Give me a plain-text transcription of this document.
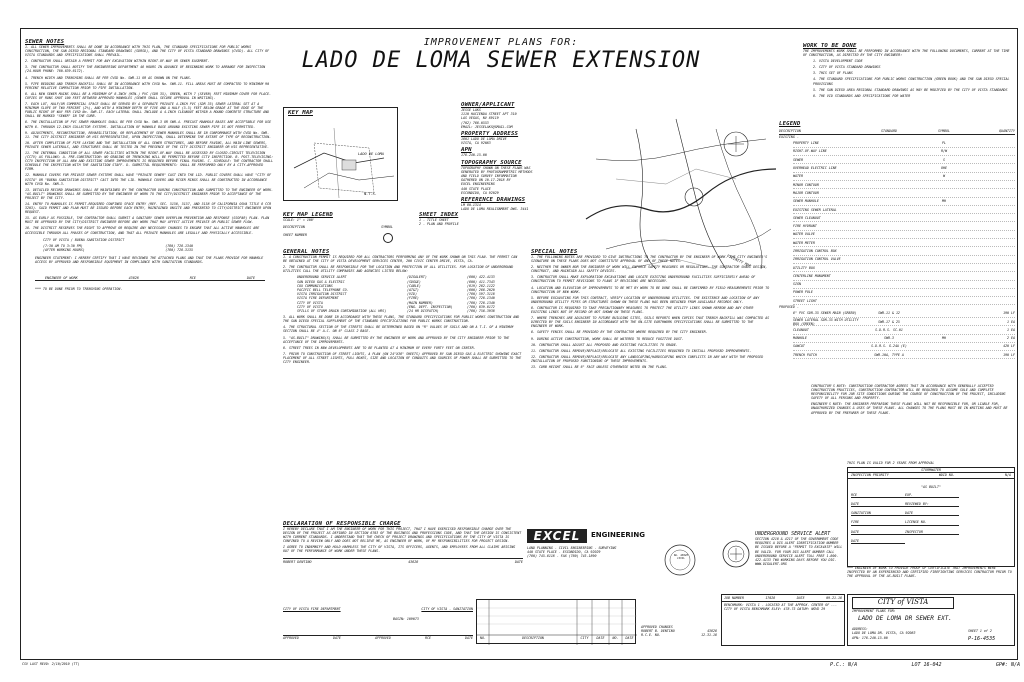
IMPROVEMENT PLANS FOR:
LADO DE LOMA SEWER EXTENSION
SEWER NOTES
1. ALL SEWER IMPROVEMENTS SHALL BE DONE IN ACCORDANCE WITH THIS PLAN, THE STANDARD SPECIFICATIONS FOR PUBLIC WORKS CONSTRUCTION, THE SAN DIEGO REGIONAL STANDARD DRAWINGS (SDRSD), AND THE CITY OF VISTA STANDARD DRAWINGS (CVSD). ALL CITY OF VISTA STANDARDS AND SPECIFICATIONS SHALL PREVAIL.
2. CONTRACTOR SHALL OBTAIN A PERMIT FOR ANY EXCAVATION WITHIN RIGHT-OF-WAY OR SEWER EASEMENT.
3. THE CONTRACTOR SHALL NOTIFY THE ENGINEERING DEPARTMENT 48 HOURS IN ADVANCE OF BEGINNING WORK TO ARRANGE FOR INSPECTION (24-HOUR PHONE: 760-639-6172).
4. TRENCH WIDTH AND TRENCHING SHALL BE PER CVSD No. SWR-11 OR AS SHOWN ON THE PLANS.
5. PIPE BEDDING AND TRENCH BACKFILL SHALL BE IN ACCORDANCE WITH CVSD No. SWR-11. FILL AREAS MUST BE COMPACTED TO MINIMUM 90 PERCENT RELATIVE COMPACTION PRIOR TO PIPE INSTALLATION.
6. ALL NEW SEWER MAINS SHALL BE A MINIMUM OF 8-INCH (MIN.) PVC (SDR 35), GREEN, WITH 7 (SEVEN) FEET MINIMUM COVER FOR PLACE. COPIES OF RUNS SHOT 100 FEET BETWEEN APPROVED MANHOLES (SEWER SHALL SECURE APPROVAL IN WRITING).
7. EACH LOT, HALF/OR COMMERCIAL SPACE SHALL BE SERVED BY A SEPARATE PRIVATE 4-INCH PVC (SDR 35) SEWER LATERAL SET AT A MINIMUM SLOPE OF TWO PERCENT (2%), AND WITH A MINIMUM DEPTH OF FIVE AND A HALF (5.5) FEET BELOW GRADE AT THE EDGE OF THE PUBLIC RIGHT OF WAY PER CVSD No. SWR-17. EACH LATERAL SHALL INCLUDE A 4-INCH CLEANOUT WITHIN A ROUND CONCRETE STRUCTURE AND SHALL BE MARKED "SEWER" IN THE CURB.
8. THE INSTALLATION OF PVC SEWER MANHOLES SHALL BE PER CVSD No. SWR-3 OR SWR-4. PRECAST MANHOLE BASES ARE ACCEPTABLE FOR USE WITH 8- THROUGH 12-INCH COLLECTOR SYSTEMS. INSTALLATION OF MANHOLE BASE AROUND EXISTING SEWER PIPE IS NOT PERMITTED.
9. ADJUSTMENTS, RECONSTRUCTION, REHABILITATION, OR REPLACEMENT OF SEWER MANHOLES SHALL BE IN CONFORMANCE WITH CVSD No. SWR-11. THE CITY DISTRICT ENGINEER OR HIS REPRESENTATIVE, UPON INSPECTION, SHALL DETERMINE THE EXTENT OF TYPE OF RECONSTRUCTION.
10. AFTER COMPLETION OF PIPE LAYING AND THE INSTALLATION OF ALL SEWER STRUCTURES, AND BEFORE PAVING, ALL MAIN LINE SEWERS, PRIVATE SEWER LATERALS, AND STRUCTURES SHALL BE TESTED IN THE PRESENCE OF THE CITY DISTRICT ENGINEER OR HIS REPRESENTATIVE.
11. THE INTERNAL CONDITION OF ALL SEWER FACILITIES WITHIN THE RIGHT-OF-WAY SHALL BE ASSESSED BY CLOSED-CIRCUIT TELEVISION (CCTV) AS FOLLOWS: A. PRE-CONSTRUCTION: NO GRADING OR TRENCHING WILL BE PERMITTED BEFORE CCTV INSPECTION. B. POST-TELEVISING: CCTV INSPECTION OF ALL NEW AND EXISTING SEWER IMPROVEMENTS IS REQUIRED BEFORE FINAL PAVING. C. SCHEDULE: THE CONTRACTOR SHALL SCHEDULE THE INSPECTION WITH THE SANITATION STAFF. D. SUBMITTAL REQUIREMENTS: SHALL BE PERFORMED ONLY BY A CITY-APPROVED FIRM.
12. MANHOLE COVERS FOR PRIVATE SEWER SYSTEMS SHALL HAVE "PRIVATE SEWER" CAST INTO THE LID. PUBLIC COVERS SHALL HAVE "CITY OF VISTA" OR "BUENA SANITATION DISTRICT" CAST INTO THE LID. MANHOLE COVERS AND RISER RINGS SHALL BE CONSTRUCTED IN ACCORDANCE WITH CVSD No. SWR-3.
13. DETAILED RECORD DRAWINGS SHALL BE MAINTAINED BY THE CONTRACTOR DURING CONSTRUCTION AND SUBMITTED TO THE ENGINEER OF WORK. "AS-BUILT" DRAWINGS SHALL BE SUBMITTED BY THE ENGINEER OF WORK TO THE CITY/DISTRICT ENGINEER PRIOR TO ACCEPTANCE OF THE PROJECT BY THE CITY.
14. ENTRY TO MANHOLES IS PERMIT-REQUIRED CONFINED SPACE ENTRY (REF. SEC. 5156, 5157, AND 5158 OF CALIFORNIA OSHA TITLE 8 CCR 3203). SAID PERMIT AND PLAN MUST BE ISSUED BEFORE EACH ENTRY, MAINTAINED ONSITE AND PRESENTED TO CITY/DISTRICT ENGINEER UPON REQUEST.
15. AS EARLY AS POSSIBLE, THE CONTRACTOR SHALL SUBMIT A SANITARY SEWER OVERFLOW PREVENTION AND RESPONSE (SSOPAR) PLAN. PLAN MUST BE APPROVED BY THE CITY/DISTRICT ENGINEER BEFORE ANY WORK THAT MAY AFFECT ACTIVE PRIVATE OR PUBLIC SEWER FLOW.
16. THE DISTRICT RESERVES THE RIGHT TO APPROVE OR REQUIRE ANY NECESSARY CHANGES TO ENSURE THAT ALL ACTIVE MANHOLES ARE ACCESSIBLE THROUGH ALL PHASES OF CONSTRUCTION, AND THAT ALL PRIVATE MANHOLES ARE LEGALLY AND PHYSICALLY ACCESSIBLE.
CITY OF VISTA / BUENA SANITATION DISTRICT
(7:30 AM TO 3:30 PM)	(760) 726-1340
(AFTER WORKING HOURS)	(760) 726-3135
ENGINEER STATEMENT: I HEREBY CERTIFY THAT I HAVE REVIEWED THE ATTACHED PLANS AND THAT THE PLANS PROVIDE FOR MANHOLE ACCESS BY APPROVED AND RESPONSIBLE EQUIPMENT IN COMPLIANCE WITH SANITATION STANDARDS.
ENGINEER OF WORK	43628	RCE	DATE
*** TO BE DONE PRIOR TO TRENCHING OPERATION.
KEY MAP
LADO DE LOMA
N.T.S.
KEY MAP LEGEND
SCALE: 1" = 100'
DESCRIPTION	SYMBOL
SHEET NUMBER
SHEET INDEX
1 - TITLE SHEET
2 - PLAN AND PROFILE
OWNER/APPLICANT
JESSE LAKS
1110 HACIENDA STREET APT 310
LAS VEGAS, NV 89119
(702) 788-0553
EMAIL: JESSELAKS@GMAIL.COM
PROPERTY ADDRESS
1601 LADO DE LOMA DRIVE
VISTA, CA 92083
APN
178-240-15-00
TOPOGRAPHY SOURCE
TOPOGRAPHY SHOWN ON THESE PLANS WAS
GENERATED BY PHOTOGRAMMETRIC METHODS
AND FIELD SURVEY INFORMATION
GATHERED ON 10-17-2018 BY
EXCEL ENGINEERING
440 STATE PLACE
ESCONDIDO, CA 92029
REFERENCE DRAWINGS
LM 60-1314
LADO DE LOMA REALIGNMENT DWG. 3441
VICINITY MAP
WORK TO BE DONE
THE IMPROVEMENTS WORK SHALL BE PERFORMED IN ACCORDANCE WITH THE FOLLOWING DOCUMENTS, CURRENT AT THE TIME OF CONSTRUCTION, AS DIRECTED BY THE CITY ENGINEER:
1. VISTA DEVELOPMENT CODE
2. CITY OF VISTA STANDARD DRAWINGS
3. THIS SET OF PLANS
4. THE STANDARD SPECIFICATIONS FOR PUBLIC WORKS CONSTRUCTION (GREEN BOOK) AND THE SAN DIEGO SPECIAL PROVISIONS
5. THE SAN DIEGO AREA REGIONAL STANDARD DRAWINGS AS MAY BE MODIFIED BY THE CITY OF VISTA STANDARDS
6. THE VID STANDARDS AND SPECIFICATIONS FOR WATER
LEGEND
DESCRIPTION	STANDARD	SYMBOL	QUANTITY
EXISTING -
PROPERTY LINE	PL
RIGHT-OF-WAY LINE	R/W
SEWER	S
OVERHEAD ELECTRIC LINE	OHE
WATER	W
MINOR CONTOUR
MAJOR CONTOUR
SEWER MANHOLE	MH
EXISTING SEWER LATERAL
SEWER CLEANOUT
FIRE HYDRANT
WATER VALVE
WATER METER
IRRIGATION CONTROL BOX
IRRIGATION CONTROL VALVE
UTILITY BOX
CENTERLINE MONUMENT
SIGN
POWER POLE
STREET LIGHT
PROPOSED -
8" PVC SDR-35 SEWER MAIN (GREEN)	SWR-11 & 12	190 LF
SEWER LATERAL SDR-35 WITH UTILITY BOX (GREEN)
SWR-17 & 25	1 EA
CLEANOUT	S.D.R.S. SC-01	1 EA
MANHOLE	SWR-3	MH	2 EA
SAWCUT	S.D.R.S. G-24A (E)	420 LF
TRENCH PATCH	SWR-10A, TYPE A	190 LF
CONTRACTOR'S NOTE: CONSTRUCTION CONTRACTOR AGREES THAT IN ACCORDANCE WITH GENERALLY ACCEPTED CONSTRUCTION PRACTICES, CONSTRUCTION CONTRACTOR WILL BE REQUIRED TO ASSUME SOLE AND COMPLETE RESPONSIBILITY FOR JOB SITE CONDITIONS DURING THE COURSE OF CONSTRUCTION OF THE PROJECT, INCLUDING SAFETY OF ALL PERSONS AND PROPERTY.
ENGINEER'S NOTE: THE ENGINEER PREPARING THESE PLANS WILL NOT BE RESPONSIBLE FOR, OR LIABLE FOR, UNAUTHORIZED CHANGES & USES OF THESE PLANS. ALL CHANGES TO THE PLANS MUST BE IN WRITING AND MUST BE APPROVED BY THE PREPARER OF THESE PLANS.
GENERAL NOTES
1. A CONSTRUCTION PERMIT IS REQUIRED FOR ALL CONTRACTORS PERFORMING ANY OF THE WORK SHOWN ON THIS PLAN. THE PERMIT CAN BE OBTAINED AT THE CITY OF VISTA DEVELOPMENT SERVICES CENTER, 200 CIVIC CENTER DRIVE, VISTA, CA.
2. THE CONTRACTOR SHALL BE RESPONSIBLE FOR THE LOCATION AND PROTECTION OF ALL UTILITIES. FOR LOCATION OF UNDERGROUND UTILITIES CALL THE UTILITY COMPANIES AND AGENCIES LISTED BELOW:
UNDERGROUND SERVICE ALERT	(DIGALERT)	(800) 422-4133
SAN DIEGO GAS & ELECTRIC	(SDG&E)	(800) 411-7343
COX COMMUNICATIONS	(CABLE)	(619) 262-1122
PACIFIC BELL TELEPHONE CO.	(AT&T)	(800) 288-2020
VISTA IRRIGATION DISTRICT	(VID)	(760) 597-3116
VISTA FIRE DEPARTMENT	(FIRE)	(760) 726-1340
CITY OF VISTA	(MAIN NUMBER)	(760) 726-1340
CITY OF VISTA	(ENG. DEPT. INSPECTION)	(760) 639-6172
SPILLS OF STORM DRAIN CONTAMINATION (ALL HRS)	(24 HR DISPATCH)	(760) 758-3936
3. ALL WORK SHALL BE DONE IN ACCORDANCE WITH THESE PLANS, THE STANDARD SPECIFICATIONS FOR PUBLIC WORKS CONSTRUCTION AND THE SAN DIEGO SPECIAL SUPPLEMENT OF THE STANDARD SPECIFICATIONS FOR PUBLIC WORKS CONSTRUCTION.
4. THE STRUCTURAL SECTION OF THE STREETS SHALL BE DETERMINED BASED ON "R" VALUES OF SOILS AND ON A T.I. OF A MINIMUM SECTION SHALL BE 4" A.C. ON 6" CLASS 2 BASE.
5. "AS-BUILT" DRAWING(S) SHALL BE SUBMITTED BY THE ENGINEER OF WORK AND APPROVED BY THE CITY ENGINEER PRIOR TO THE ACCEPTANCE OF THE IMPROVEMENTS.
6. STREET TREES IN NEW DEVELOPMENTS ARE TO BE PLANTED AT A MINIMUM OF EVERY FORTY FEET ON CENTER.
7. PRIOR TO CONSTRUCTION OF STREET LIGHTS, A PLAN (ON 24"X36" SHEETS) APPROVED BY SAN DIEGO GAS & ELECTRIC SHOWING EXACT PLACEMENT OF ALL STREET LIGHTS, PULL BOXES, SIZE AND LOCATION OF CONDUITS AND SOURCES OF POWER SHALL BE SUBMITTED TO THE CITY ENGINEER.
SPECIAL NOTES
1. THE FOLLOWING NOTES ARE PROVIDED TO GIVE INSTRUCTIONS TO THE CONTRACTOR BY THE ENGINEER OF WORK. THE CITY ENGINEER'S SIGNATURE ON THESE PLANS DOES NOT CONSTITUTE APPROVAL OF ANY OF THESE NOTES.
2. NEITHER THE OWNER NOR THE ENGINEER OF WORK WILL ENFORCE SAFETY MEASURES OR REGULATIONS. THE CONTRACTOR SHALL DESIGN, CONSTRUCT, AND MAINTAIN ALL SAFETY DEVICES.
3. CONTRACTOR SHALL MAKE EXPLORATION EXCAVATIONS AND LOCATE EXISTING UNDERGROUND FACILITIES SUFFICIENTLY AHEAD OF CONSTRUCTION TO PERMIT REVISIONS TO PLANS IF REVISIONS ARE NECESSARY.
4. LOCATION AND ELEVATION OF IMPROVEMENTS TO BE MET BY WORK TO BE DONE SHALL BE CONFIRMED BY FIELD MEASUREMENTS PRIOR TO CONSTRUCTION OF NEW WORK.
5. BEFORE EXCAVATING FOR THIS CONTRACT, VERIFY LOCATION OF UNDERGROUND UTILITIES. THE EXISTENCE AND LOCATION OF ANY UNDERGROUND UTILITY PIPES OR STRUCTURES SHOWN ON THESE PLANS HAS BEEN OBTAINED FROM AVAILABLE RECORDS ONLY.
6. CONTRACTOR IS REQUIRED TO TAKE PRECAUTIONARY MEASURES TO PROTECT THE UTILITY LINES SHOWN HEREON AND ANY OTHER EXISTING LINES NOT OF RECORD OR NOT SHOWN ON THESE PLANS.
7. WHERE TRENCHES ARE ADJACENT TO FUTURE BUILDING SITES, SOILS REPORTS WHEN COPIES THAT TRENCH BACKFILL WAS COMPACTED AS DIRECTED BY THE SOILS ENGINEER IN ACCORDANCE WITH THE ON-SITE EARTHWORK SPECIFICATIONS SHALL BE SUBMITTED TO THE ENGINEER OF WORK.
8. SAFETY FENCES SHALL BE PROVIDED BY THE CONTRACTOR WHERE REQUIRED BY THE CITY ENGINEER.
9. DURING ACTIVE CONSTRUCTION, WORK SHALL BE WATERED TO REDUCE FUGITIVE DUST.
10. CONTRACTOR SHALL ADJUST ALL PROPOSED AND EXISTING FACILITIES TO GRADE.
11. CONTRACTOR SHALL REMOVE/REPLACE/RELOCATE ALL EXISTING FACILITIES REQUIRED TO INSTALL PROPOSED IMPROVEMENTS.
12. CONTRACTOR SHALL REMOVE/REPLACE/RELOCATE ANY LANDSCAPING/HARDSCAPING WHICH CONFLICTS IN ANY WAY WITH THE PROPOSED INSTALLATION OF PROPOSED FUNCTIONING OF THESE IMPROVEMENTS.
13. CURB HEIGHT SHALL BE 6" FACE UNLESS OTHERWISE NOTED ON THE PLANS.
DECLARATION OF RESPONSIBLE CHARGE
I HEREBY DECLARE THAT I AM THE ENGINEER OF WORK FOR THIS PROJECT, THAT I HAVE EXERCISED RESPONSIBLE CHARGE OVER THE DESIGN OF THE PROJECT AS DEFINED IN SECTION 6703 OF THE BUSINESS AND PROFESSIONS CODE, AND THAT THE DESIGN IS CONSISTENT WITH CURRENT STANDARDS. I UNDERSTAND THAT THE CHECK OF PROJECT DRAWINGS AND SPECIFICATIONS BY THE CITY OF VISTA IS CONFINED TO A REVIEW ONLY AND DOES NOT RELIEVE ME, AS ENGINEER OF WORK, OF MY RESPONSIBILITIES FOR PROJECT DESIGN.
I AGREE TO INDEMNIFY AND HOLD HARMLESS THE CITY OF VISTA, ITS OFFICERS, AGENTS, AND EMPLOYEES FROM ALL CLAIMS ARISING OUT OF THE PERFORMANCE OF WORK UNDER THESE PLANS.
ROBERT DENTINO	43628	DATE
UNDERGROUND SERVICE ALERT
SECTION 4216 & 4217 OF THE GOVERNMENT CODE REQUIRES A DIG ALERT IDENTIFICATION NUMBER BE ISSUED BEFORE A "PERMIT TO EXCAVATE" WILL BE VALID. FOR YOUR DIG ALERT NUMBER CALL UNDERGROUND SERVICE ALERT TOLL FREE 1-800-422-4133 TWO WORKING DAYS BEFORE YOU DIG.
WWW.DIGALERT.ORG
THIS PLAN IS VALID FOR 2 YEARS FROM APPROVAL
STORMWATER
INSPECTION PRIORITY	WDID NO.	N/A
"AS BUILT"
RCE	EXP.
DATE	REVIEWED BY:
SANITATION	DATE
FIRE	LICENSE NO.
DATE	INSPECTOR
DATE
*** ENGINEER OF WORK TO PROVIDE PROOF OF CERTIFICATE THAT IMPROVEMENTS WERE INSPECTED BY AN EXPERIENCED AND CERTIFIED FIREFIGHTING SERVICES CONTRACTOR PRIOR TO THE APPROVAL OF THE AS-BUILT PLANS.
CITY OF VISTA FIRE DEPARTMENT	CITY OF VISTA - SANITATION
BASIN: 109073
APPROVED	DATE	APPROVED	RCE	DATE	NO.	DESCRIPTION	CITY	DATE	NO.	DATE
APPROVED CHANGES
ROBERT B. DENTINO	43628
R.C.E. NO.	12-31-18
EXCEL	ENGINEERING
LAND PLANNING - CIVIL ENGINEERING - SURVEYING
440 STATE PLACE - ESCONDIDO, CA 92029
(760) 745-8118 - FAX (760) 745-1890	No. 43628
CIVIL
JOB NUMBER	17028	DATE	09-21-18
BENCHMARK: VISTA 1 - LOCATED AT THE APPROX. CENTER OF ... CITY OF VISTA BENCHMARK ELEV: 478.75 DATUM: NGVD 29
CITY of VISTA
IMPROVEMENT PLANS FOR:
LADO DE LOMA DR SEWER EXT.
ADDRESS:
LADO DE LOMA DR. VISTA, CA 92083
APN: 178-240-15-00
SHEET 1 of 2
P-16-4535
CSV LAST REVD: 2/10/2010 (TT)	P.C.: N/A	LOT 16-042	GP#: N/A
